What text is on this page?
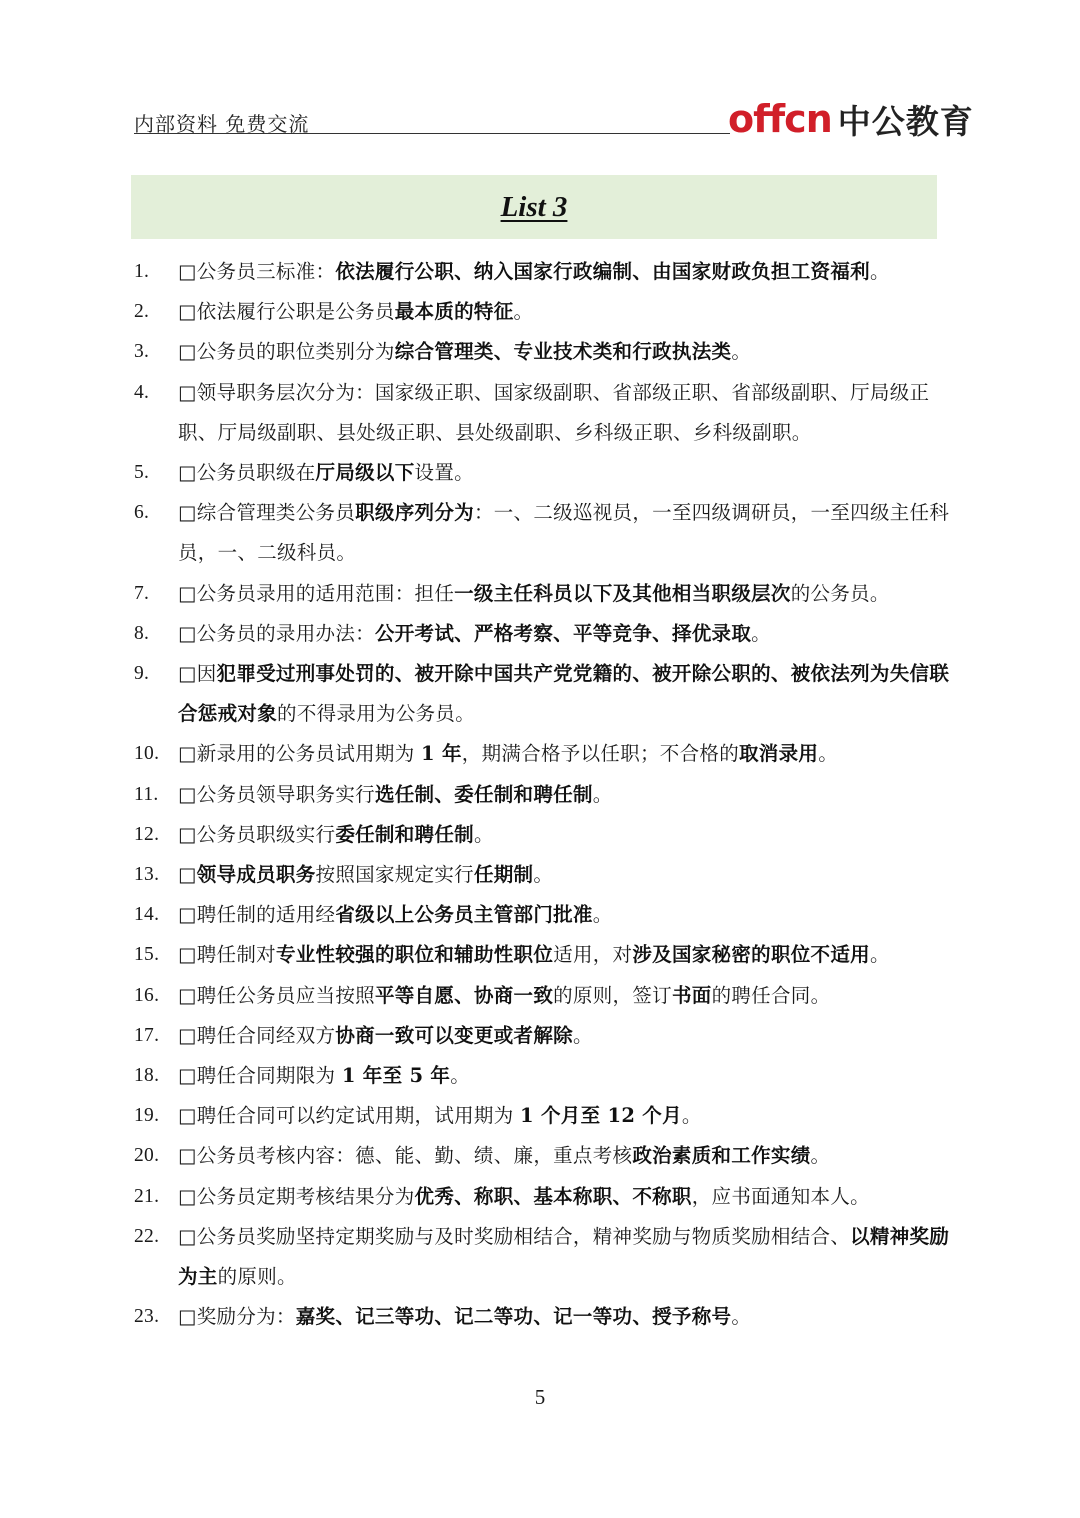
内部资料 免费交流	offcn 中公教育
List 3
1. □公务员三标准：依法履行公职、纳入国家行政编制、由国家财政负担工资福利。
2. □依法履行公职是公务员最本质的特征。
3. □公务员的职位类别分为综合管理类、专业技术类和行政执法类。
4. □领导职务层次分为：国家级正职、国家级副职、省部级正职、省部级副职、厅局级正职、厅局级副职、县处级正职、县处级副职、乡科级正职、乡科级副职。
5. □公务员职级在厅局级以下设置。
6. □综合管理类公务员职级序列分为：一、二级巡视员，一至四级调研员，一至四级主任科员，一、二级科员。
7. □公务员录用的适用范围：担任一级主任科员以下及其他相当职级层次的公务员。
8. □公务员的录用办法：公开考试、严格考察、平等竞争、择优录取。
9. □因犯罪受过刑事处罚的、被开除中国共产党党籍的、被开除公职的、被依法列为失信联合惩戒对象的不得录用为公务员。
10. □新录用的公务员试用期为 1 年，期满合格予以任职；不合格的取消录用。
11. □公务员领导职务实行选任制、委任制和聘任制。
12. □公务员职级实行委任制和聘任制。
13. □领导成员职务按照国家规定实行任期制。
14. □聘任制的适用经省级以上公务员主管部门批准。
15. □聘任制对专业性较强的职位和辅助性职位适用，对涉及国家秘密的职位不适用。
16. □聘任公务员应当按照平等自愿、协商一致的原则，签订书面的聘任合同。
17. □聘任合同经双方协商一致可以变更或者解除。
18. □聘任合同期限为 1 年至 5 年。
19. □聘任合同可以约定试用期，试用期为 1 个月至 12 个月。
20. □公务员考核内容：德、能、勤、绩、廉，重点考核政治素质和工作实绩。
21. □公务员定期考核结果分为优秀、称职、基本称职、不称职，应书面通知本人。
22. □公务员奖励坚持定期奖励与及时奖励相结合，精神奖励与物质奖励相结合、以精神奖励为主的原则。
23. □奖励分为：嘉奖、记三等功、记二等功、记一等功、授予称号。
5
